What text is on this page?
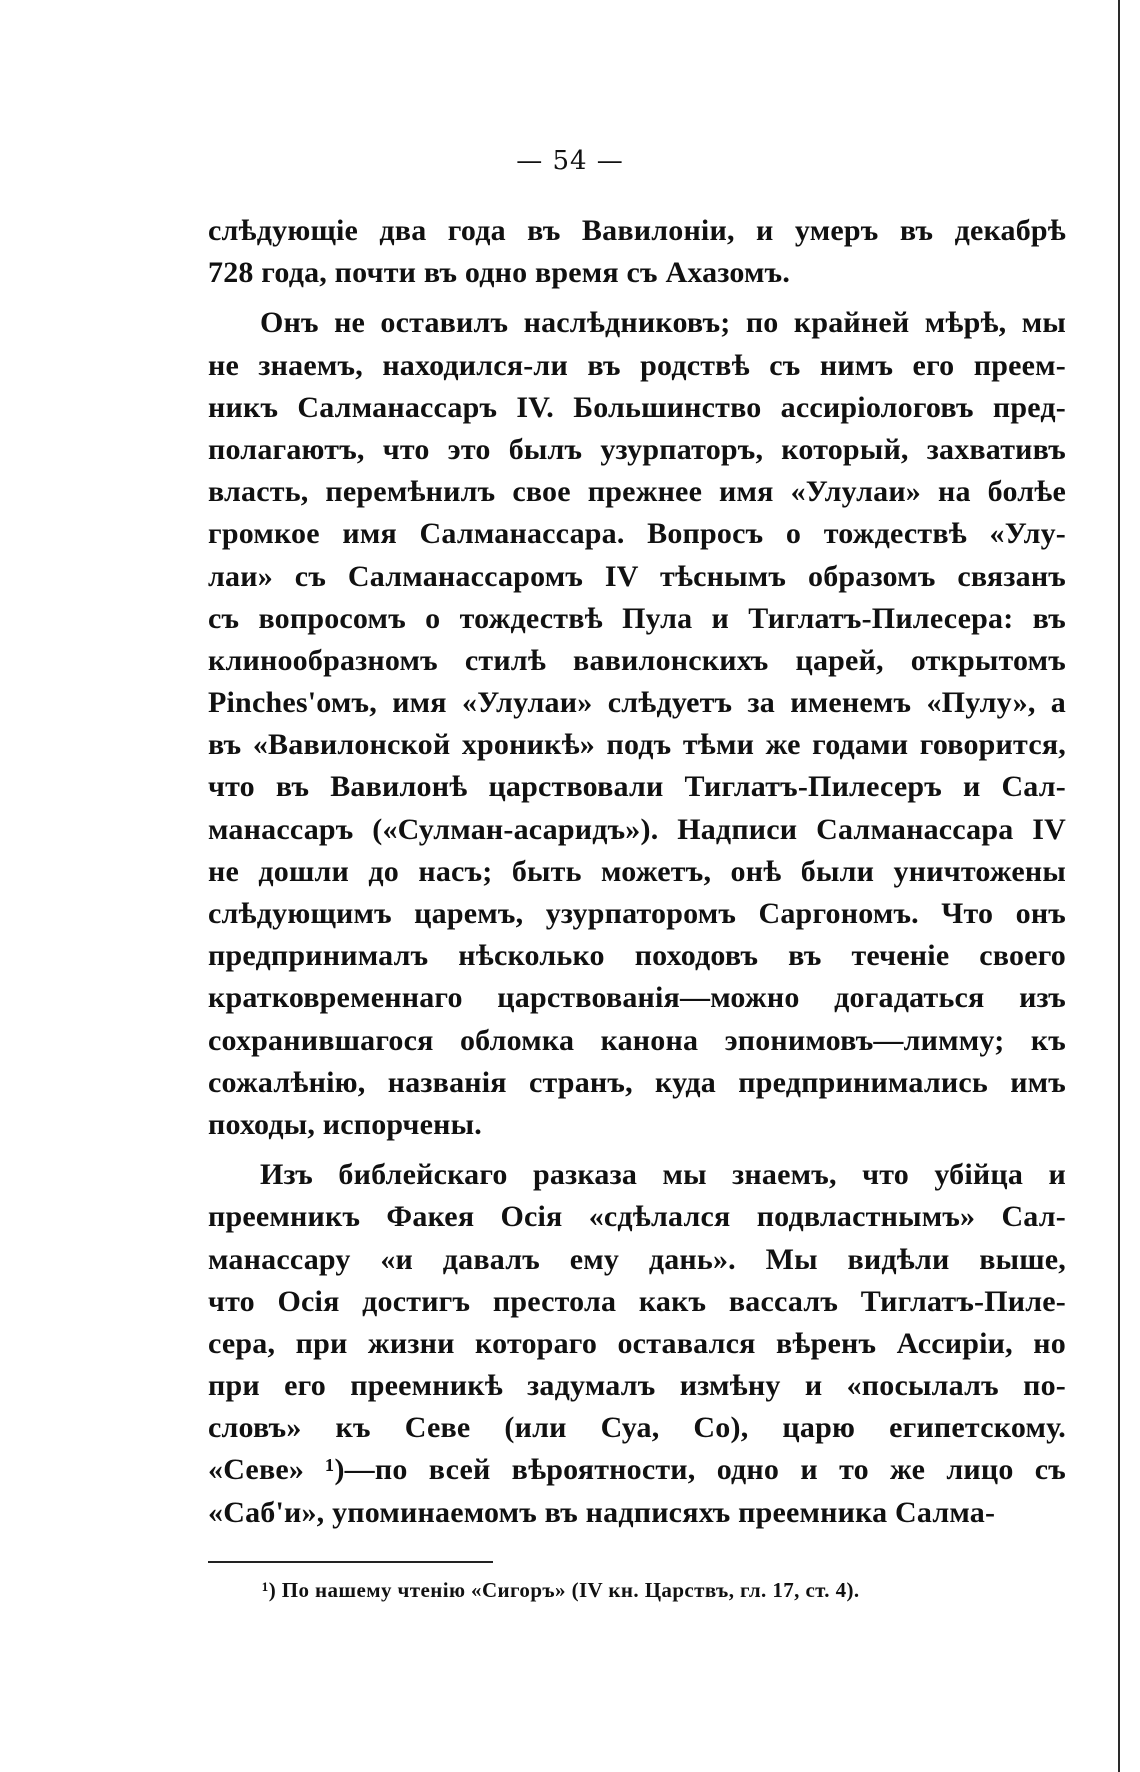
— 54 —
слѣдующіе два года въ Вавилоніи, и умеръ въ декабрѣ
728 года, почти въ одно время съ Ахазомъ.
Онъ не оставилъ наслѣдниковъ; по крайней мѣрѣ, мы
не знаемъ, находился-ли въ родствѣ съ нимъ его преем-
никъ Салманассаръ IV. Большинство ассиріологовъ пред-
полагаютъ, что это былъ узурпаторъ, который, захвативъ
власть, перемѣнилъ свое прежнее имя «Улулаи» на болѣе
громкое имя Салманассара. Вопросъ о тождествѣ «Улу-
лаи» съ Салманассаромъ IV тѣснымъ образомъ связанъ
съ вопросомъ о тождествѣ Пула и Тиглатъ-Пилесера: въ
клинообразномъ стилѣ вавилонскихъ царей, открытомъ
Pinches'омъ, имя «Улулаи» слѣдуетъ за именемъ «Пулу», а
въ «Вавилонской хроникѣ» подъ тѣми же годами говорится,
что въ Вавилонѣ царствовали Тиглатъ-Пилесеръ и Сал-
манассаръ («Сулман-асаридъ»). Надписи Салманассара IV
не дошли до насъ; быть можетъ, онѣ были уничтожены
слѣдующимъ царемъ, узурпаторомъ Саргономъ. Что онъ
предпринималъ нѣсколько походовъ въ теченіе своего
кратковременнаго царствованія—можно догадаться изъ
сохранившагося обломка канона эпонимовъ—лимму; къ
сожалѣнію, названія странъ, куда предпринимались имъ
походы, испорчены.
Изъ библейскаго разказа мы знаемъ, что убійца и
преемникъ Факея Осія «сдѣлался подвластнымъ» Сал-
манассару «и давалъ ему дань». Мы видѣли выше,
что Осія достигъ престола какъ вассалъ Тиглатъ-Пиле-
сера, при жизни котораго оставался вѣренъ Ассиріи, но
при его преемникѣ задумалъ измѣну и «посылалъ по-
словъ» къ Севе (или Суа, Со), царю египетскому.
«Севе» ¹)—по всей вѣроятности, одно и то же лицо съ
«Саб'и», упоминаемомъ въ надписяхъ преемника Салма-
¹) По нашему чтенію «Сигоръ» (IV кн. Царствъ, гл. 17, ст. 4).
